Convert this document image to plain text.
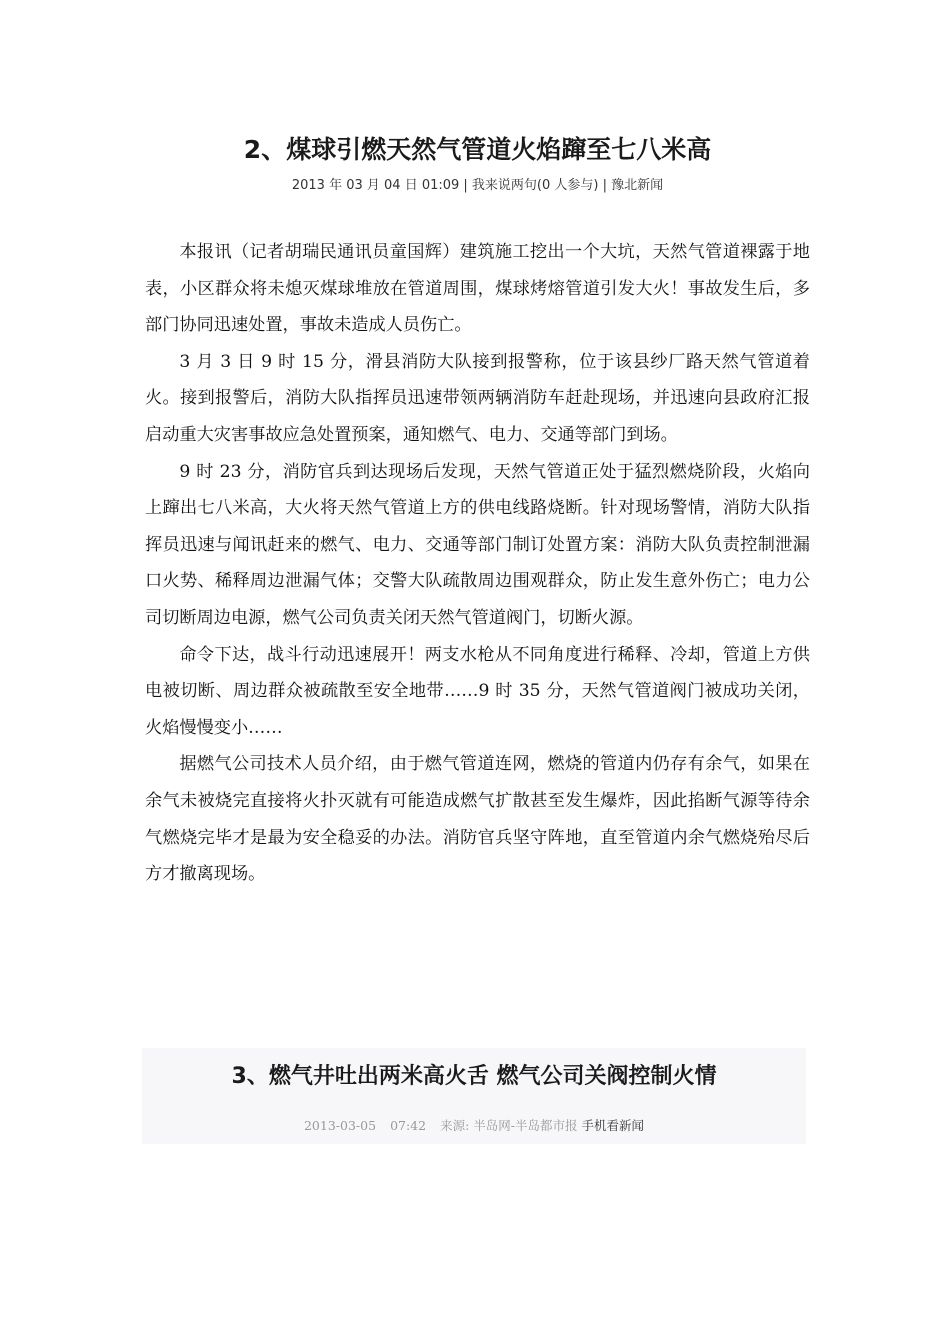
2、煤球引燃天然气管道火焰蹿至七八米高
2013 年 03 月 04 日 01:09 | 我来说两句(0 人参与) | 豫北新闻

本报讯（记者胡瑞民通讯员童国辉）建筑施工挖出一个大坑，天然气管道裸露于地表，小区群众将未熄灭煤球堆放在管道周围，煤球烤熔管道引发大火！事故发生后，多部门协同迅速处置，事故未造成人员伤亡。

3 月 3 日 9 时 15 分，滑县消防大队接到报警称，位于该县纱厂路天然气管道着火。接到报警后，消防大队指挥员迅速带领两辆消防车赶赴现场，并迅速向县政府汇报启动重大灾害事故应急处置预案，通知燃气、电力、交通等部门到场。

9 时 23 分，消防官兵到达现场后发现，天然气管道正处于猛烈燃烧阶段，火焰向上蹿出七八米高，大火将天然气管道上方的供电线路烧断。针对现场警情，消防大队指挥员迅速与闻讯赶来的燃气、电力、交通等部门制订处置方案：消防大队负责控制泄漏口火势、稀释周边泄漏气体；交警大队疏散周边围观群众，防止发生意外伤亡；电力公司切断周边电源，燃气公司负责关闭天然气管道阀门，切断火源。

命令下达，战斗行动迅速展开！两支水枪从不同角度进行稀释、冷却，管道上方供电被切断、周边群众被疏散至安全地带……9 时 35 分，天然气管道阀门被成功关闭，火焰慢慢变小……

据燃气公司技术人员介绍，由于燃气管道连网，燃烧的管道内仍存有余气，如果在余气未被烧完直接将火扑灭就有可能造成燃气扩散甚至发生爆炸，因此掐断气源等待余气燃烧完毕才是最为安全稳妥的办法。消防官兵坚守阵地，直至管道内余气燃烧殆尽后方才撤离现场。

3、燃气井吐出两米高火舌 燃气公司关阀控制火情
2013-03-05 07:42 来源: 半岛网-半岛都市报 手机看新闻
